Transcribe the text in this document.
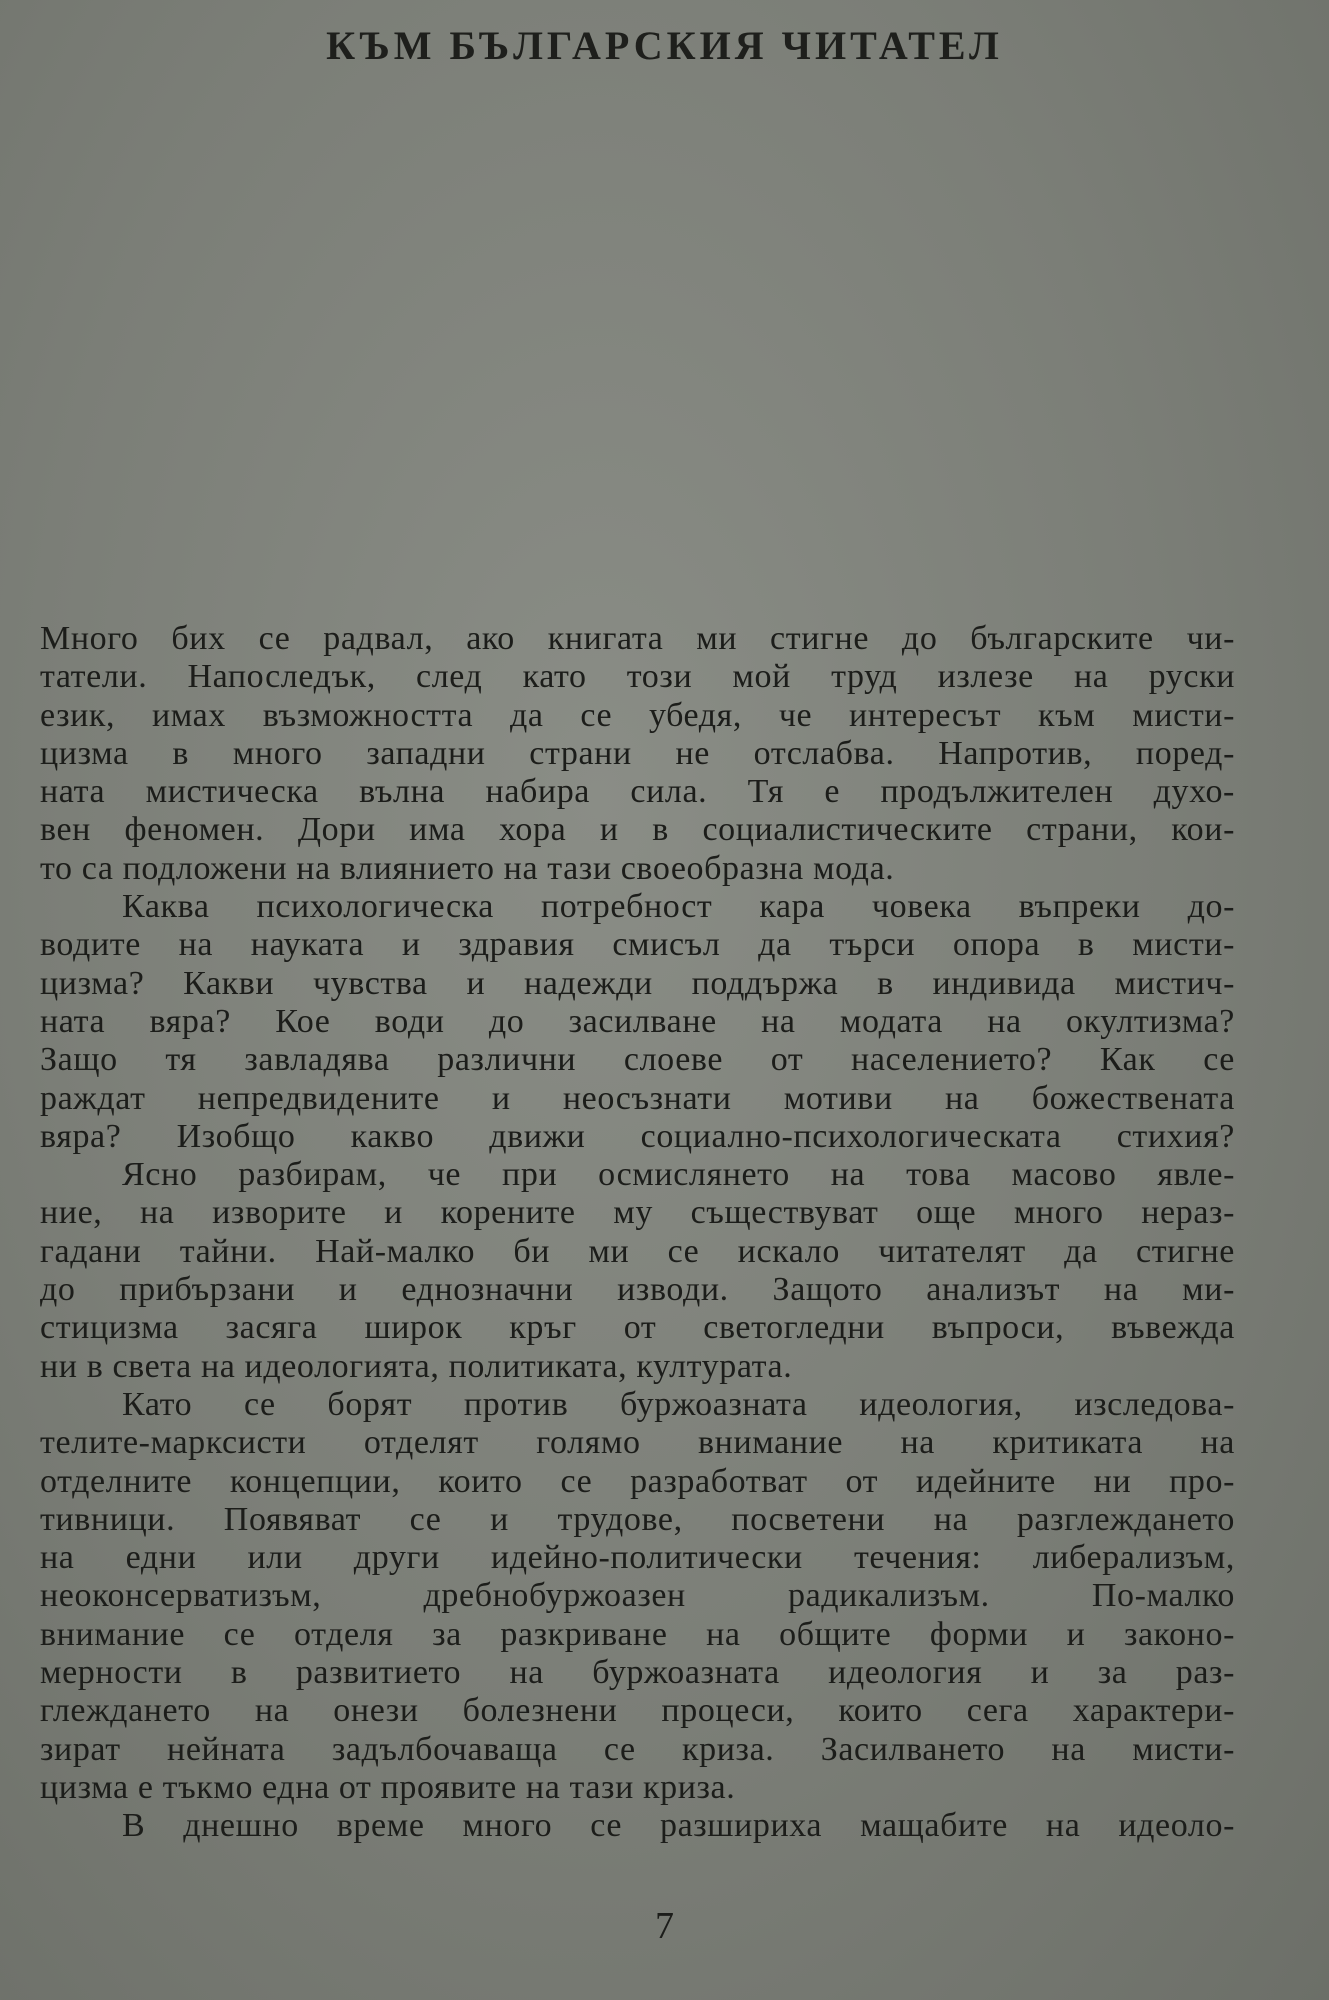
КЪМ БЪЛГАРСКИЯ ЧИТАТЕЛ

Много бих се радвал, ако книгата ми стигне до българските чи-
татели. Напоследък, след като този мой труд излезе на руски
език, имах възможността да се убедя, че интересът към мисти-
цизма в много западни страни не отслабва. Напротив, поред-
ната мистическа вълна набира сила. Тя е продължителен духо-
вен феномен. Дори има хора и в социалистическите страни, кои-
то са подложени на влиянието на тази своеобразна мода.

Каква психологическа потребност кара човека въпреки до-
водите на науката и здравия смисъл да търси опора в мисти-
цизма? Какви чувства и надежди поддържа в индивида мистич-
ната вяра? Кое води до засилване на модата на окултизма?
Защо тя завладява различни слоеве от населението? Как се
раждат непредвидените и неосъзнати мотиви на божествената
вяра? Изобщо какво движи социално-психологическата стихия?

Ясно разбирам, че при осмислянето на това масово явле-
ние, на изворите и корените му съществуват още много нераз-
гадани тайни. Най-малко би ми се искало читателят да стигне
до прибързани и еднозначни изводи. Защото анализът на ми-
стицизма засяга широк кръг от светогледни въпроси, въвежда
ни в света на идеологията, политиката, културата.

Като се борят против буржоазната идеология, изследова-
телите-марксисти отделят голямо внимание на критиката на
отделните концепции, които се разработват от идейните ни про-
тивници. Появяват се и трудове, посветени на разглеждането
на едни или други идейно-политически течения: либерализъм,
неоконсерватизъм, дребнобуржоазен радикализъм. По-малко
внимание се отделя за разкриване на общите форми и законо-
мерности в развитието на буржоазната идеология и за раз-
глеждането на онези болезнени процеси, които сега характери-
зират нейната задълбочаваща се криза. Засилването на мисти-
цизма е тъкмо една от проявите на тази криза.

В днешно време много се разшириха мащабите на идеоло-

7
